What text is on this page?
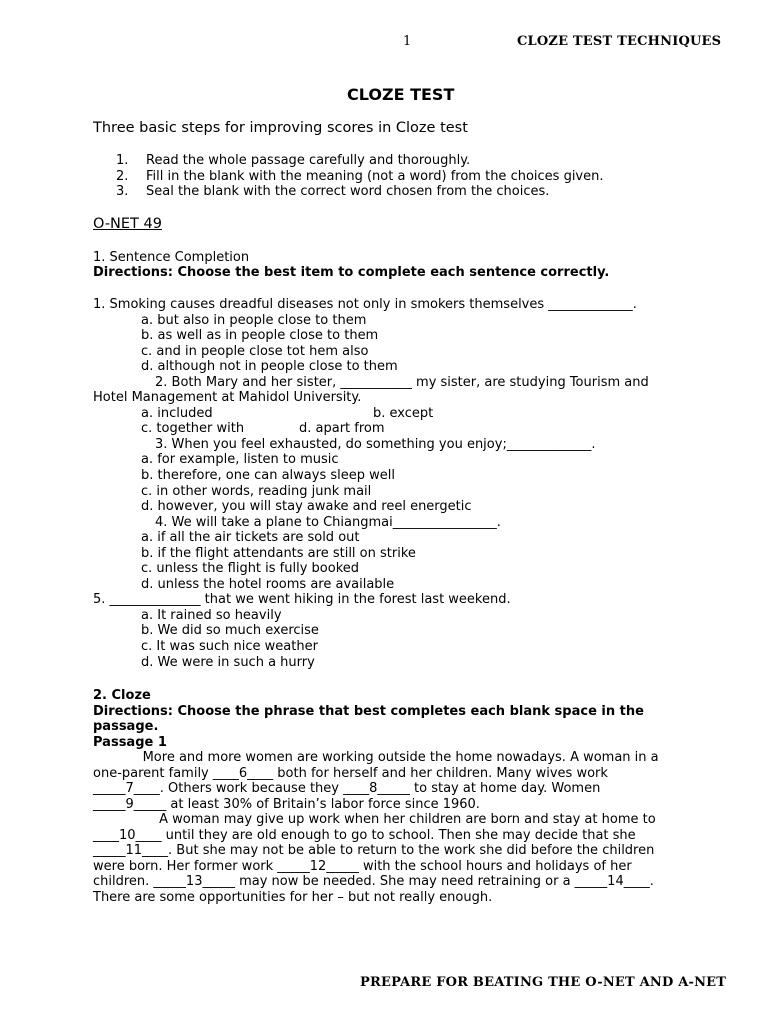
1	CLOZE TEST TECHNIQUES
CLOZE TEST
Three basic steps for improving scores in Cloze test
1. Read the whole passage carefully and thoroughly.
2. Fill in the blank with the meaning (not a word) from the choices given.
3. Seal the blank with the correct word chosen from the choices.
O-NET 49
1. Sentence Completion
Directions: Choose the best item to complete each sentence correctly.
1. Smoking causes dreadful diseases not only in smokers themselves _____________.
a. but also in people close to them
b. as well as in people close to them
c. and in people close tot hem also
d. although not in people close to them
2. Both Mary and her sister, ___________ my sister, are studying Tourism and
Hotel Management at Mahidol University.
a. included	b. except
c. together with	d. apart from
3. When you feel exhausted, do something you enjoy;_____________.
a. for example, listen to music
b. therefore, one can always sleep well
c. in other words, reading junk mail
d. however, you will stay awake and reel energetic
4. We will take a plane to Chiangmai________________.
a. if all the air tickets are sold out
b. if the flight attendants are still on strike
c. unless the flight is fully booked
d. unless the hotel rooms are available
5. ______________ that we went hiking in the forest last weekend.
a. It rained so heavily
b. We did so much exercise
c. It was such nice weather
d. We were in such a hurry
2. Cloze
Directions: Choose the phrase that best completes each blank space in the
passage.
Passage 1
More and more women are working outside the home nowadays. A woman in a
one-parent family ____6____ both for herself and her children. Many wives work
_____7____. Others work because they ____8_____ to stay at home day. Women
_____9_____ at least 30% of Britain’s labor force since 1960.
A woman may give up work when her children are born and stay at home to
____10____ until they are old enough to go to school. Then she may decide that she
_____11____. But she may not be able to return to the work she did before the children
were born. Her former work _____12_____ with the school hours and holidays of her
children. _____13_____ may now be needed. She may need retraining or a _____14____.
There are some opportunities for her – but not really enough.
PREPARE FOR BEATING THE O-NET AND A-NET
